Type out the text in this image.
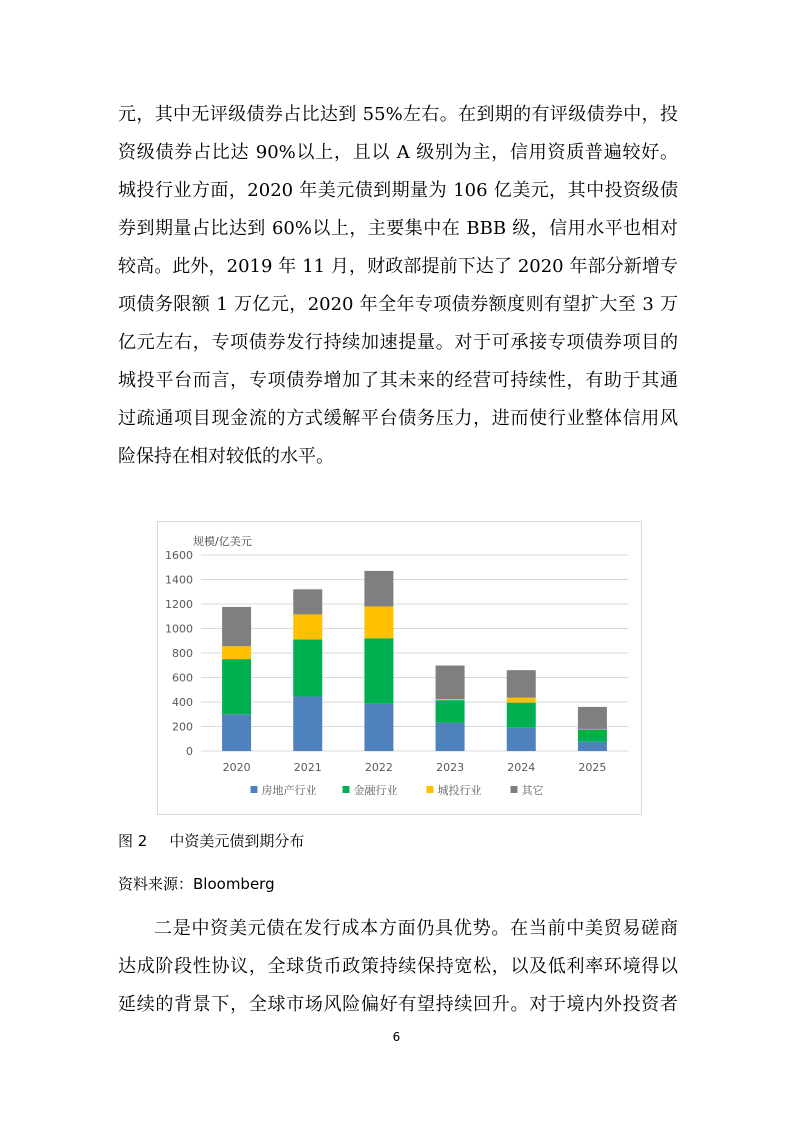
元，其中无评级债券占比达到 55%左右。在到期的有评级债券中，投

资级债券占比达 90%以上，且以 A 级别为主，信用资质普遍较好。

城投行业方面，2020 年美元债到期量为 106 亿美元，其中投资级债

券到期量占比达到 60%以上，主要集中在 BBB 级，信用水平也相对

较高。此外，2019 年 11 月，财政部提前下达了 2020 年部分新增专

项债务限额 1 万亿元，2020 年全年专项债券额度则有望扩大至 3 万

亿元左右，专项债券发行持续加速提量。对于可承接专项债券项目的

城投平台而言，专项债券增加了其未来的经营可持续性，有助于其通

过疏通项目现金流的方式缓解平台债务压力，进而使行业整体信用风

险保持在相对较低的水平。

0
200
400
600
800
1000
1200
1400
1600
规模/亿美元
2020	2021	2022	2023	2024	2025
房地产行业	金融行业	城投行业	其它
图 2 中资美元债到期分布
资料来源：Bloomberg

二是中资美元债在发行成本方面仍具优势。在当前中美贸易磋商

达成阶段性协议，全球货币政策持续保持宽松，以及低利率环境得以

延续的背景下，全球市场风险偏好有望持续回升。对于境内外投资者

6
